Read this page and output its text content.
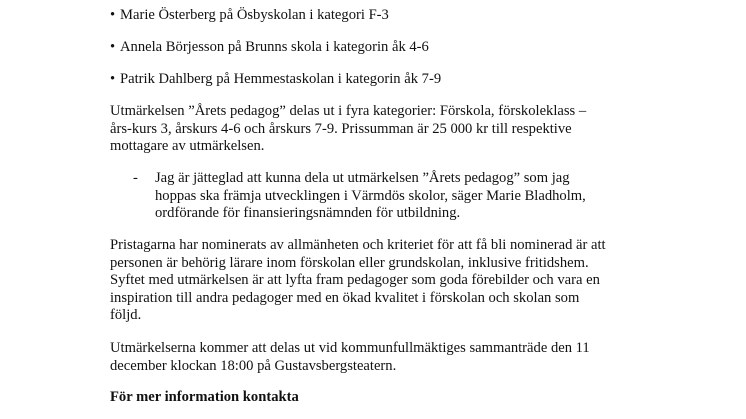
• Marie Österberg på Ösbyskolan i kategori F-3
• Annela Börjesson på Brunns skola i kategorin åk 4-6
• Patrik Dahlberg på Hemmestaskolan i kategorin åk 7-9
Utmärkelsen ”Årets pedagog” delas ut i fyra kategorier: Förskola, förskoleklass –
års-kurs 3, årskurs 4-6 och årskurs 7-9. Prissumman är 25 000 kr till respektive
mottagare av utmärkelsen.
- Jag är jätteglad att kunna dela ut utmärkelsen ”Årets pedagog” som jag
hoppas ska främja utvecklingen i Värmdös skolor, säger Marie Bladholm,
ordförande för finansieringsnämnden för utbildning.
Pristagarna har nominerats av allmänheten och kriteriet för att få bli nominerad är att
personen är behörig lärare inom förskolan eller grundskolan, inklusive fritidshem.
Syftet med utmärkelsen är att lyfta fram pedagoger som goda förebilder och vara en
inspiration till andra pedagoger med en ökad kvalitet i förskolan och skolan som
följd.
Utmärkelserna kommer att delas ut vid kommunfullmäktiges sammanträde den 11
december klockan 18:00 på Gustavsbergsteatern.
För mer information kontakta
